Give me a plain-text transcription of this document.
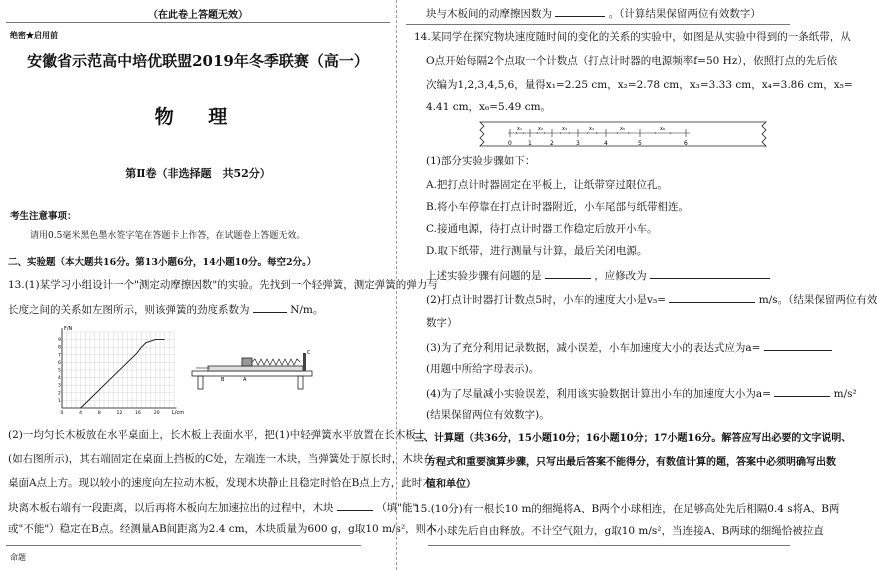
（在此卷上答题无效）
绝密★启用前
安徽省示范高中培优联盟2019年冬季联赛（高一）
物 理
第Ⅱ卷（非选择题　共52分）
考生注意事项：
请用0.5毫米黑色墨水签字笔在答题卡上作答，在试题卷上答题无效。
二、实验题（本大题共16分。第13小题6分，14小题10分。每空2分。）
13.(1)某学习小组设计一个"测定动摩擦因数"的实验。先找到一个轻弹簧，测定弹簧的弹力与
长度之间的关系如左图所示，则该弹簧的劲度系数为	N/m。
F/N
L/cm
1
2
3
4
5
6
7
8
9
0	4	8	12	16	20
B	A
C
(2)一均匀长木板放在水平桌面上，长木板上表面水平，把(1)中轻弹簧水平放置在长木板上
(如右图所示)，其右端固定在桌面上挡板的C处，左端连一木块，当弹簧处于原长时，木块在
桌面A点上方。现以较小的速度向左拉动木板，发现木块静止且稳定时恰在B点上方，此时木
块离木板右端有一段距离，以后再将木板向左加速拉出的过程中，木块	（填"能"
或"不能"）稳定在B点。经测量AB间距离为2.4 cm，木块质量为600 g，g取10 m/s²，则木
命题
块与木板间的动摩擦因数为	。（计算结果保留两位有效数字）
14.某同学在探究物块速度随时间的变化的关系的实验中，如图是从实验中得到的一条纸带，从
O点开始每隔2个点取一个计数点（打点计时器的电源频率f=50 Hz），依照打点的先后依
次编为1,2,3,4,5,6，量得x₁=2.25 cm，x₂=2.78 cm，x₃=3.33 cm，x₄=3.86 cm，x₅=
4.41 cm，x₆=5.49 cm。
0
x₁
1
x₂
2
x₃
3
x₄
4
x₅
5
x₆
6
(1)部分实验步骤如下：
A.把打点计时器固定在平板上，让纸带穿过限位孔。
B.将小车停靠在打点计时器附近，小车尾部与纸带相连。
C.接通电源，待打点计时器工作稳定后放开小车。
D.取下纸带，进行测量与计算，最后关闭电源。
上述实验步骤有问题的是	，应修改为
(2)打点计时器打计数点5时，小车的速度大小是v₅=	m/s。（结果保留两位有效
数字）
(3)为了充分利用记录数据，减小误差，小车加速度大小的表达式应为a=
(用题中所给字母表示)。
(4)为了尽量减小实验误差，利用该实验数据计算出小车的加速度大小为a=	m/s²
(结果保留两位有效数字)。
三、计算题（共36分，15小题10分；16小题10分；17小题16分。解答应写出必要的文字说明、
方程式和重要演算步骤，只写出最后答案不能得分，有数值计算的题，答案中必须明确写出数
值和单位）
15.(10分)有一根长10 m的细绳将A、B两个小球相连，在足够高处先后相隔0.4 s将A、B两
个小球先后自由释放。不计空气阻力，g取10 m/s²，当连接A、B两球的细绳恰被拉直
